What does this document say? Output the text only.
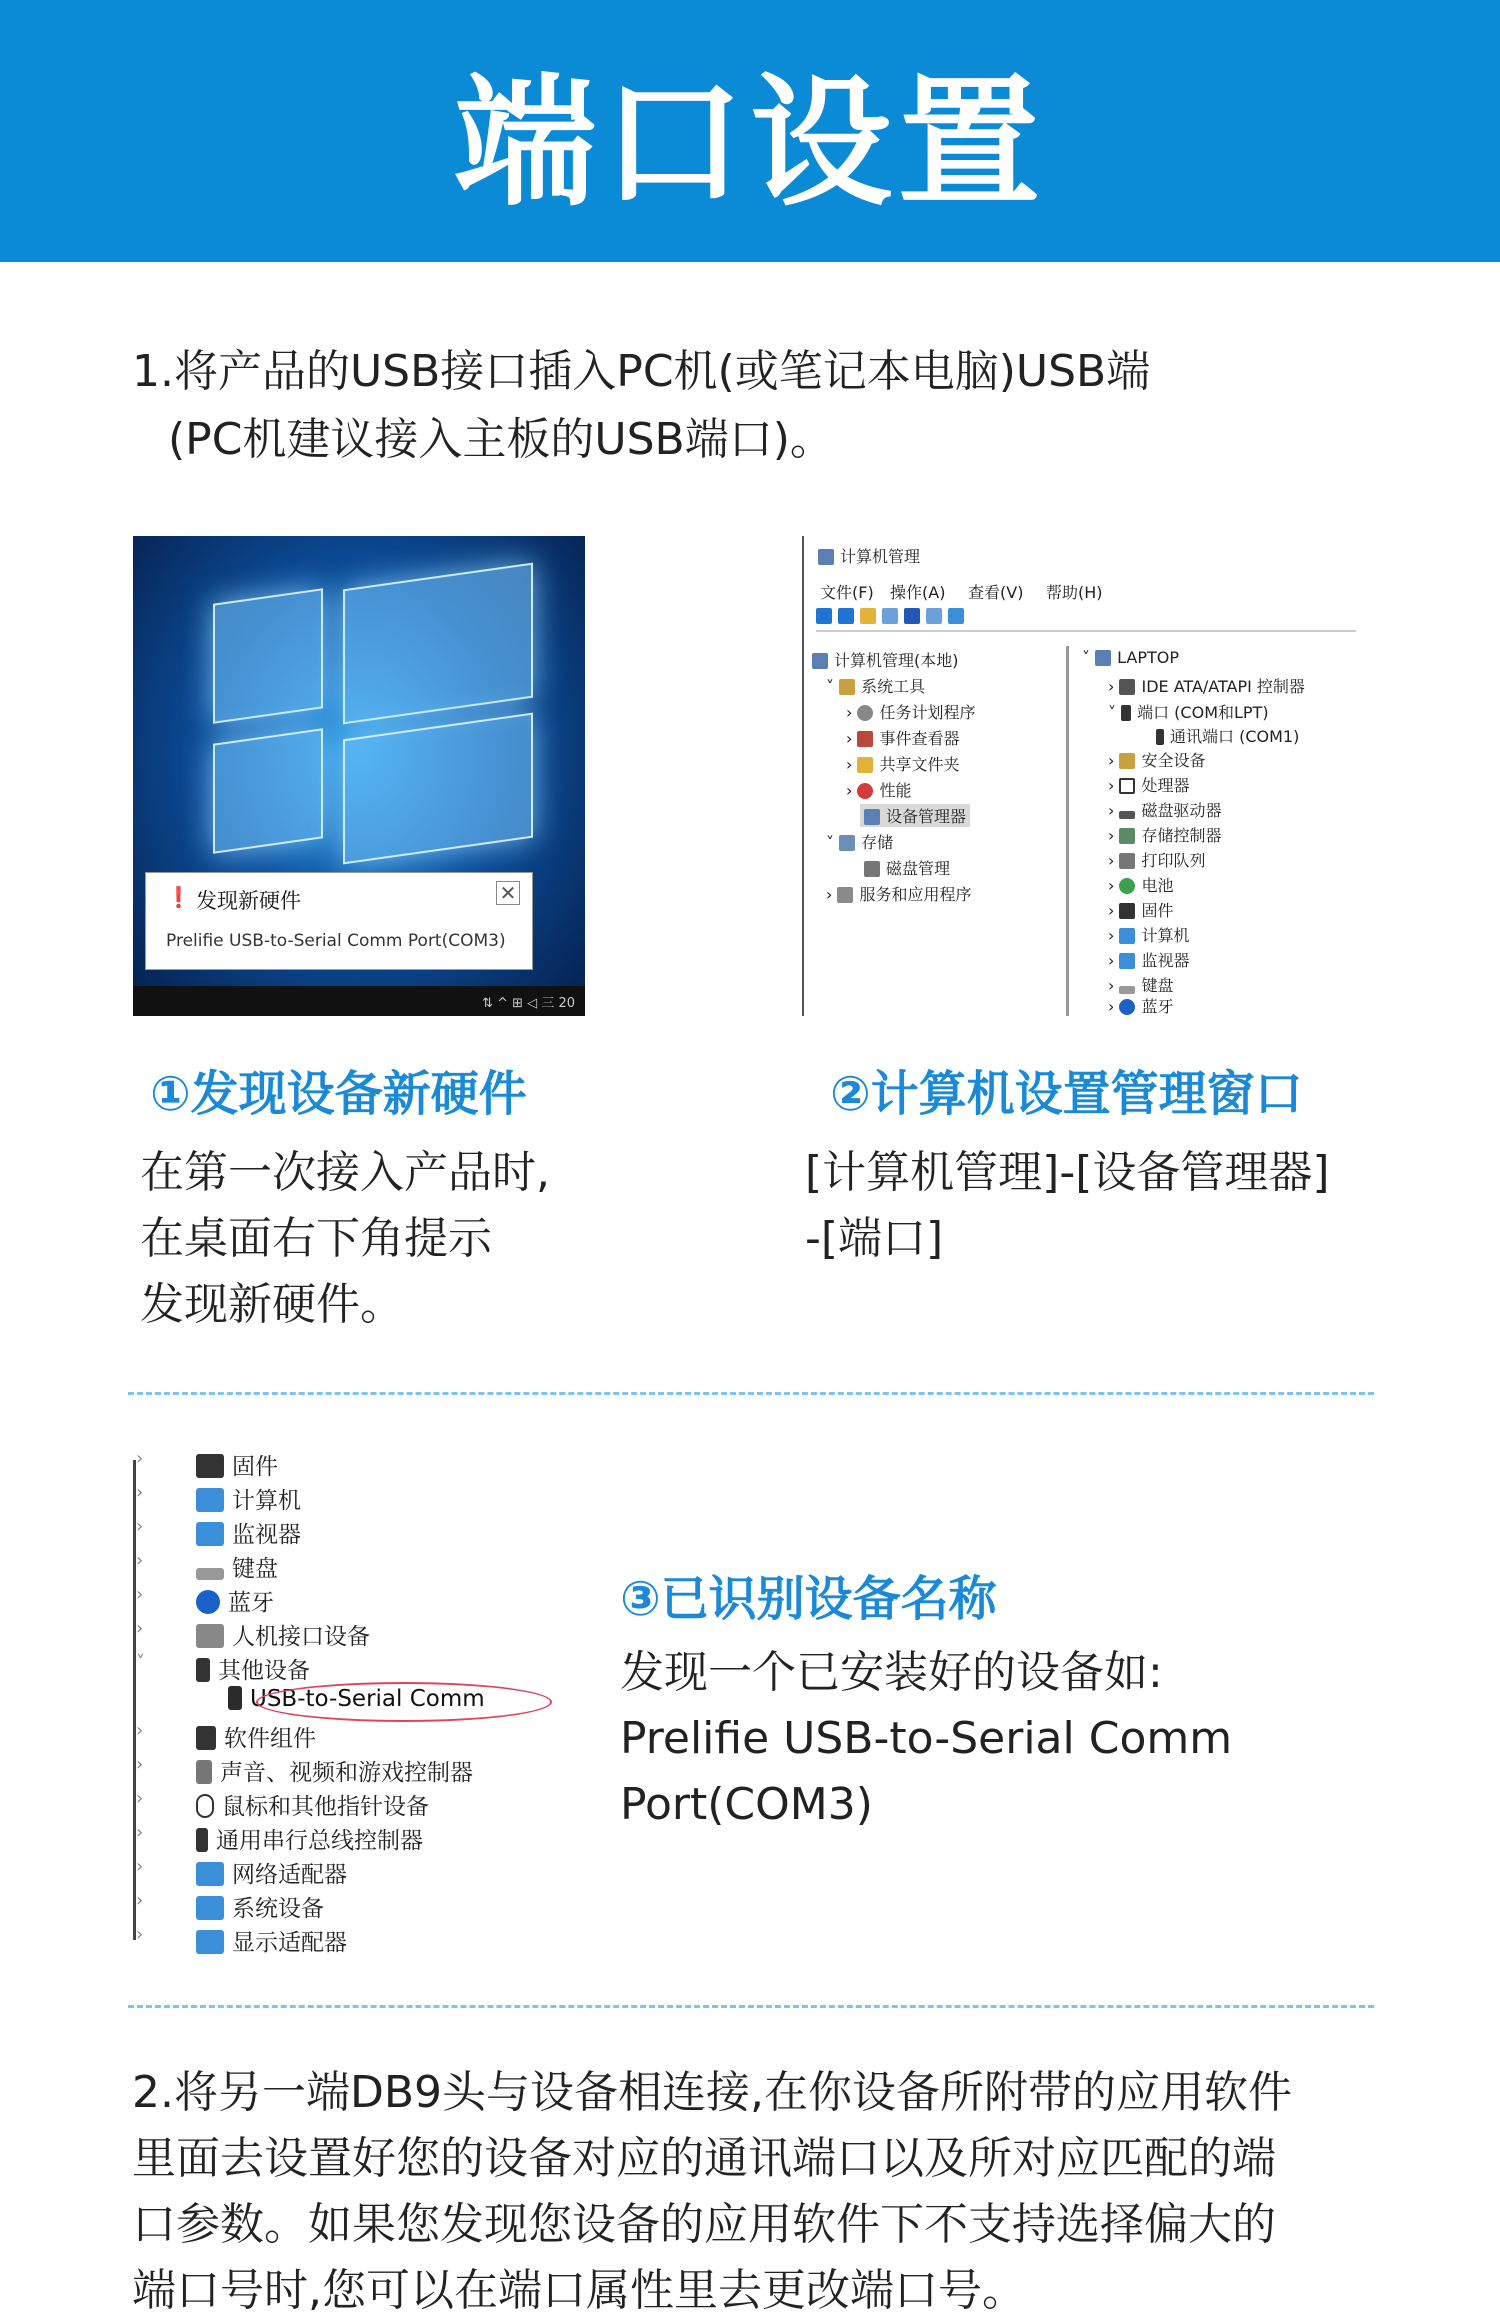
端口设置
1.将产品的USB接口插入PC机(或笔记本电脑)USB端
(PC机建议接入主板的USB端口)。
❗ 发现新硬件	✕
Prelifie USB-to-Serial Comm Port(COM3)
⇅ ^ ⊞ ◁ 三 20
计算机管理
文件(F) 操作(A) 查看(V) 帮助(H)
计算机管理(本地)
˅ 系统工具
› 任务计划程序
› 事件查看器
› 共享文件夹
› 性能
设备管理器
˅ 存储
磁盘管理
› 服务和应用程序
˅ LAPTOP
› IDE ATA/ATAPI 控制器
˅ 端口 (COM和LPT)
通讯端口 (COM1)
› 安全设备
› 处理器
› 磁盘驱动器
› 存储控制器
› 打印队列
› 电池
› 固件
› 计算机
› 监视器
› 键盘
› 蓝牙
①发现设备新硬件
在第一次接入产品时,
在桌面右下角提示
发现新硬件。
②计算机设置管理窗口
[计算机管理]-[设备管理器]
-[端口]
›	固件
›	计算机
›	监视器
›	键盘
›	蓝牙
›	人机接口设备
˅	其他设备
USB-to-Serial Comm
›	软件组件
›	声音、视频和游戏控制器
›	鼠标和其他指针设备
›	通用串行总线控制器
›	网络适配器
›	系统设备
›	显示适配器
③已识别设备名称
发现一个已安装好的设备如:
Prelifie USB-to-Serial Comm
Port(COM3)
2.将另一端DB9头与设备相连接,在你设备所附带的应用软件
里面去设置好您的设备对应的通讯端口以及所对应匹配的端
口参数。如果您发现您设备的应用软件下不支持选择偏大的
端口号时,您可以在端口属性里去更改端口号。
